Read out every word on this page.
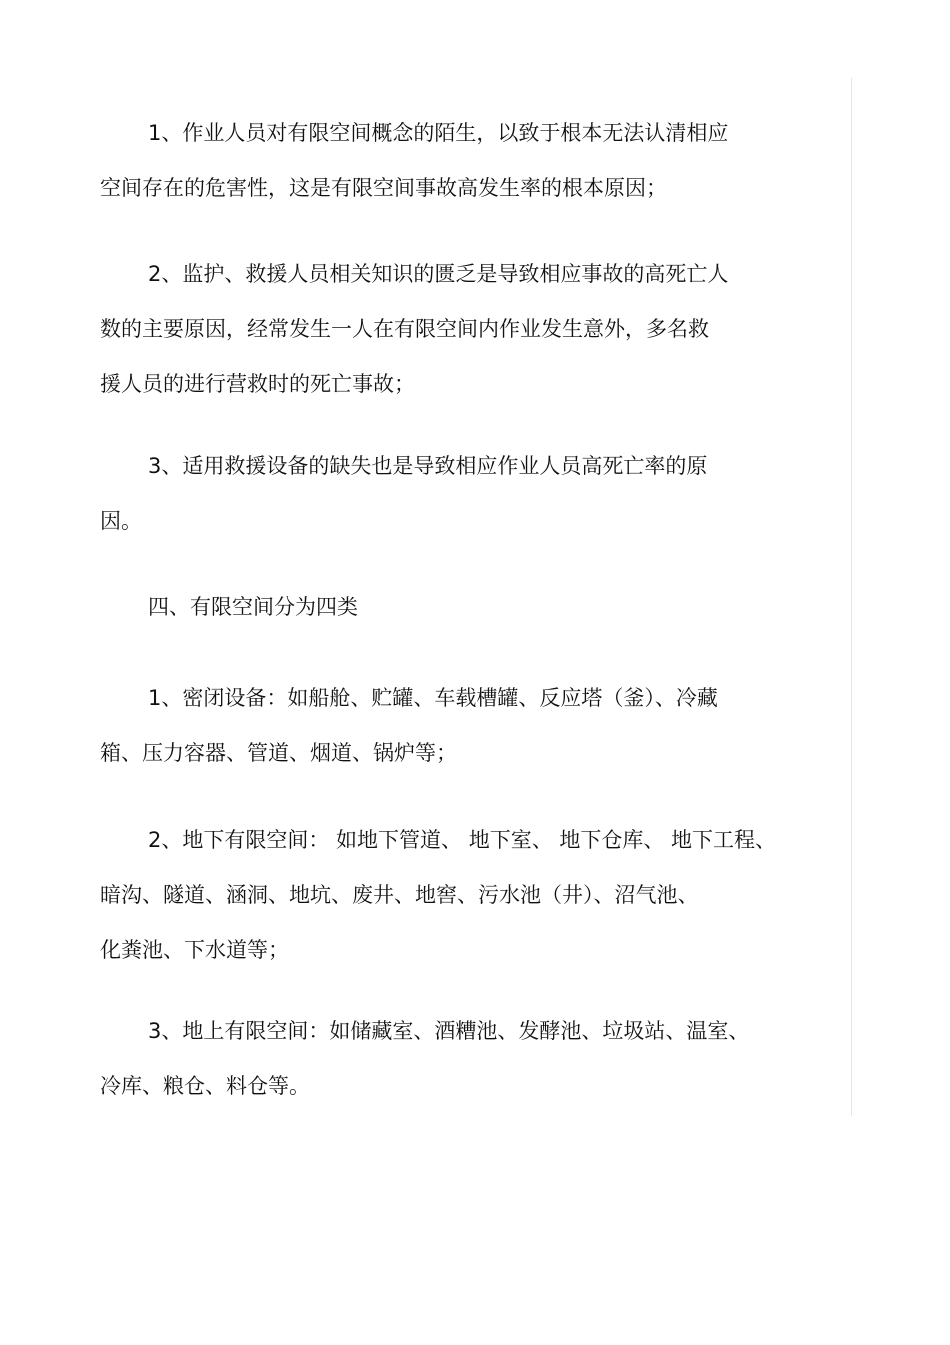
1、作业人员对有限空间概念的陌生，以致于根本无法认清相应
空间存在的危害性，这是有限空间事故高发生率的根本原因；
2、监护、救援人员相关知识的匮乏是导致相应事故的高死亡人
数的主要原因，经常发生一人在有限空间内作业发生意外，多名救
援人员的进行营救时的死亡事故；
3、适用救援设备的缺失也是导致相应作业人员高死亡率的原
因。
四、有限空间分为四类
1、密闭设备：如船舱、贮罐、车载槽罐、反应塔（釜）、冷藏
箱、压力容器、管道、烟道、锅炉等；
2、地下有限空间： 如地下管道、 地下室、 地下仓库、 地下工程、
暗沟、隧道、涵洞、地坑、废井、地窖、污水池（井）、沼气池、
化粪池、下水道等；
3、地上有限空间：如储藏室、酒糟池、发酵池、垃圾站、温室、
冷库、粮仓、料仓等。
